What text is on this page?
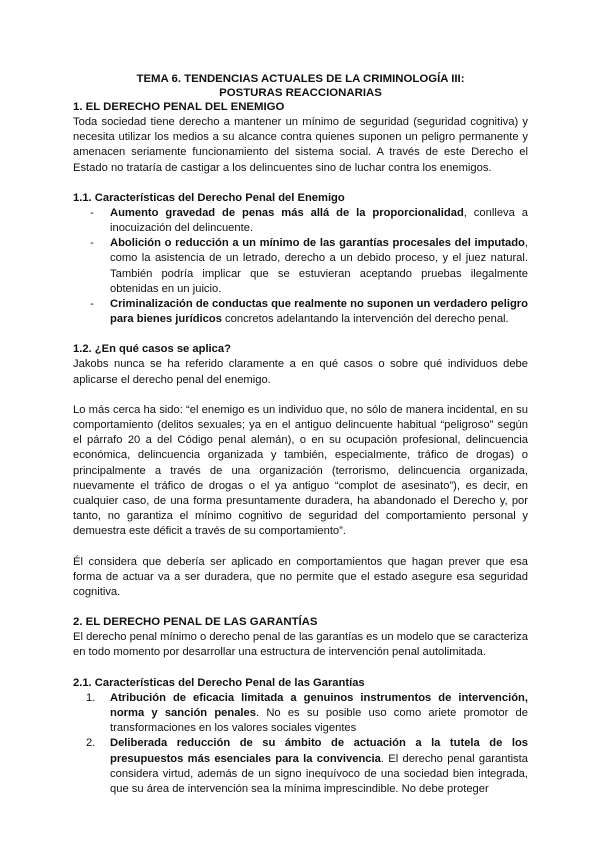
TEMA 6. TENDENCIAS ACTUALES DE LA CRIMINOLOGÍA III:
POSTURAS REACCIONARIAS
1. EL DERECHO PENAL DEL ENEMIGO

Toda sociedad tiene derecho a mantener un mínimo de seguridad (seguridad cognitiva) y necesita utilizar los medios a su alcance contra quienes suponen un peligro permanente y amenacen seriamente funcionamiento del sistema social. A través de este Derecho el Estado no trataría de castigar a los delincuentes sino de luchar contra los enemigos.

1.1. Características del Derecho Penal del Enemigo
- Aumento gravedad de penas más allá de la proporcionalidad, conlleva a inocuización del delincuente.
- Abolición o reducción a un mínimo de las garantías procesales del imputado, como la asistencia de un letrado, derecho a un debido proceso, y el juez natural. También podría implicar que se estuvieran aceptando pruebas ilegalmente obtenidas en un juicio.
- Criminalización de conductas que realmente no suponen un verdadero peligro para bienes jurídicos concretos adelantando la intervención del derecho penal.
1.2. ¿En qué casos se aplica?

Jakobs nunca se ha referido claramente a en qué casos o sobre qué individuos debe aplicarse el derecho penal del enemigo.

Lo más cerca ha sido: “el enemigo es un individuo que, no sólo de manera incidental, en su comportamiento (delitos sexuales; ya en el antiguo delincuente habitual “peligroso” según el párrafo 20 a del Código penal alemán), o en su ocupación profesional, delincuencia económica, delincuencia organizada y también, especialmente, tráfico de drogas) o principalmente a través de una organización (terrorismo, delincuencia organizada, nuevamente el tráfico de drogas o el ya antiguo “complot de asesinato”), es decir, en cualquier caso, de una forma presuntamente duradera, ha abandonado el Derecho y, por tanto, no garantiza el mínimo cognitivo de seguridad del comportamiento personal y demuestra este déficit a través de su comportamiento”.

Él considera que debería ser aplicado en comportamientos que hagan prever que esa forma de actuar va a ser duradera, que no permite que el estado asegure esa seguridad cognitiva.

2. EL DERECHO PENAL DE LAS GARANTÍAS

El derecho penal mínimo o derecho penal de las garantías es un modelo que se caracteriza en todo momento por desarrollar una estructura de intervención penal autolimitada.

2.1. Características del Derecho Penal de las Garantías
1. Atribución de eficacia limitada a genuinos instrumentos de intervención, norma y sanción penales. No es su posible uso como ariete promotor de transformaciones en los valores sociales vigentes
2. Deliberada reducción de su ámbito de actuación a la tutela de los presupuestos más esenciales para la convivencia. El derecho penal garantista considera virtud, además de un signo inequívoco de una sociedad bien integrada, que su área de intervención sea la mínima imprescindible. No debe proteger
